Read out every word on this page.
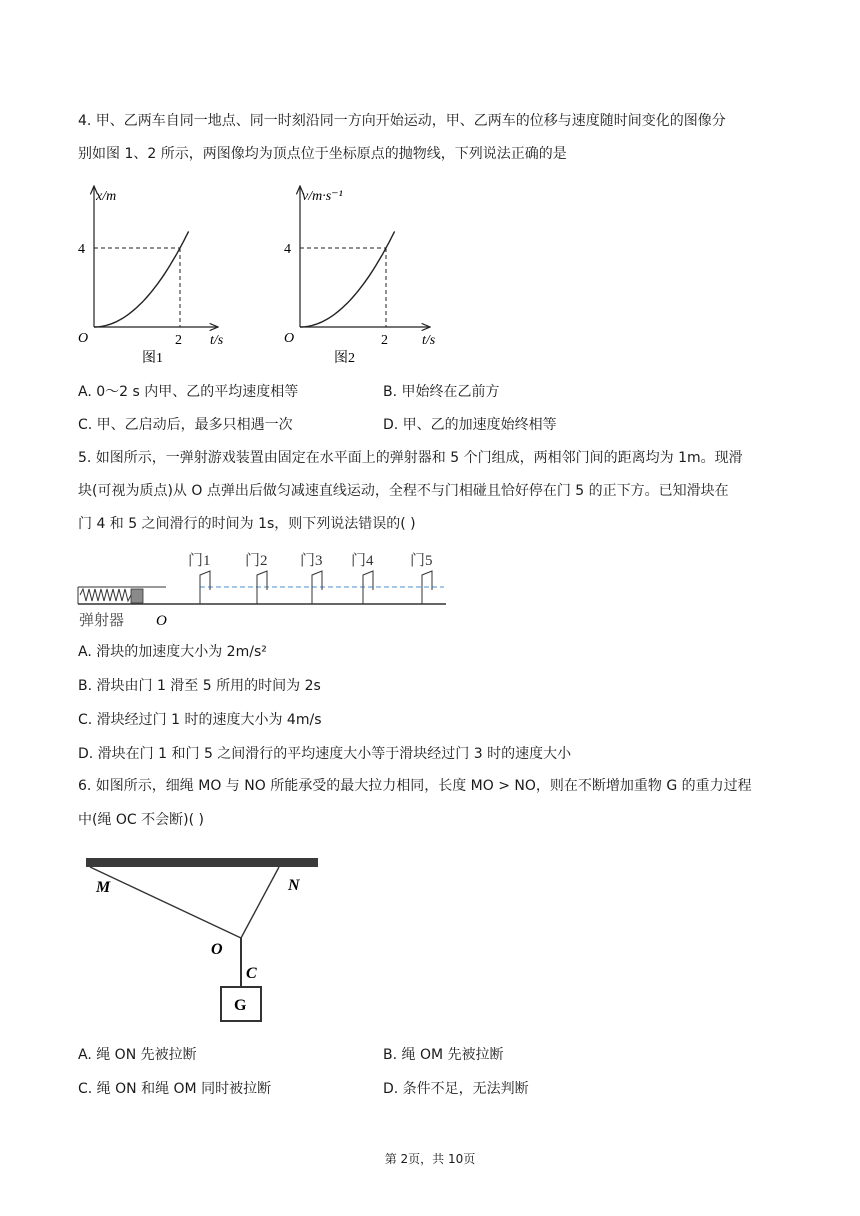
4. 甲、乙两车自同一地点、同一时刻沿同一方向开始运动，甲、乙两车的位移与速度随时间变化的图像分
别如图 1、2 所示，两图像均为顶点位于坐标原点的抛物线，下列说法正确的是
x/m
4
2
O	t/s
图1
v/m·s⁻¹
4
2
O	t/s
图2
A. 0～2 s 内甲、乙的平均速度相等	B. 甲始终在乙前方
C. 甲、乙启动后，最多只相遇一次	D. 甲、乙的加速度始终相等
5. 如图所示，一弹射游戏装置由固定在水平面上的弹射器和 5 个门组成，两相邻门间的距离均为 1m。现滑
块(可视为质点)从 O 点弹出后做匀减速直线运动，全程不与门相碰且恰好停在门 5 的正下方。已知滑块在
门 4 和 5 之间滑行的时间为 1s，则下列说法错误的( )
门1 门2 门3 门4 门5
弹射器 O
A. 滑块的加速度大小为 2m/s²
B. 滑块由门 1 滑至 5 所用的时间为 2s
C. 滑块经过门 1 时的速度大小为 4m/s
D. 滑块在门 1 和门 5 之间滑行的平均速度大小等于滑块经过门 3 时的速度大小
6. 如图所示，细绳 MO 与 NO 所能承受的最大拉力相同，长度 MO > NO，则在不断增加重物 G 的重力过程
中(绳 OC 不会断)( )
M	N
O
C
G
A. 绳 ON 先被拉断	B. 绳 OM 先被拉断
C. 绳 ON 和绳 OM 同时被拉断	D. 条件不足，无法判断
第 2页，共 10页
